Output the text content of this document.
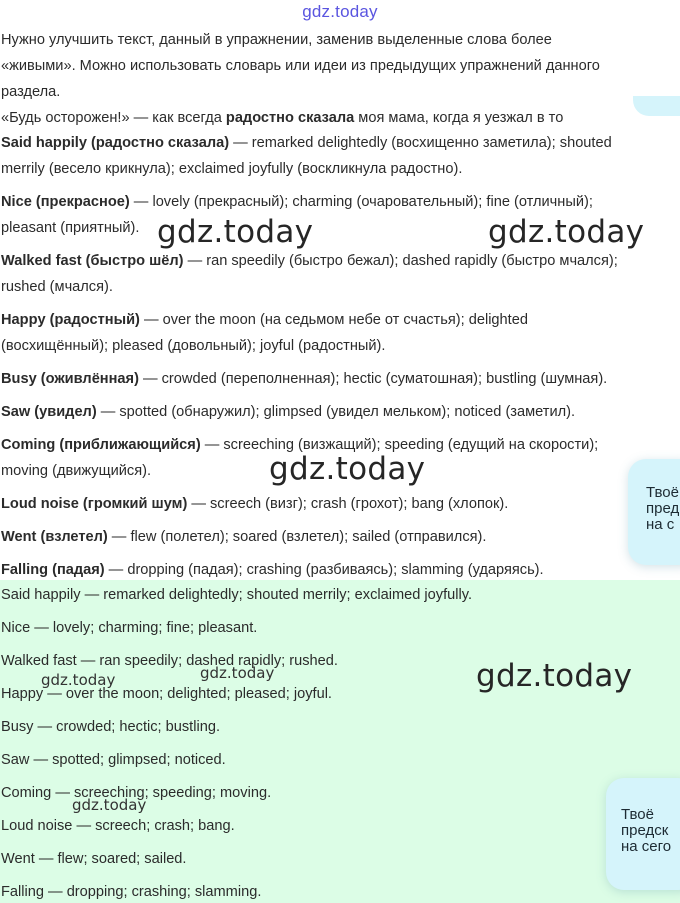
gdz.today
Нужно улучшить текст, данный в упражнении, заменив выделенные слова более
«живыми». Можно использовать словарь или идеи из предыдущих упражнений данного
раздела.
«Будь осторожен!» — как всегда радостно сказала моя мама, когда я уезжал в то
Said happily (радостно сказала) — remarked delightedly (восхищенно заметила); shouted
merrily (весело крикнула); exclaimed joyfully (воскликнула радостно).
Nice (прекрасное) — lovely (прекрасный); charming (очаровательный); fine (отличный);
pleasant (приятный).
Walked fast (быстро шёл) — ran speedily (быстро бежал); dashed rapidly (быстро мчался);
rushed (мчался).
Happy (радостный) — over the moon (на седьмом небе от счастья); delighted
(восхищённый); pleased (довольный); joyful (радостный).
Busy (оживлённая) — crowded (переполненная); hectic (суматошная); bustling (шумная).
Saw (увидел) — spotted (обнаружил); glimpsed (увидел мельком); noticed (заметил).
Coming (приближающийся) — screeching (визжащий); speeding (едущий на скорости);
moving (движущийся).
Loud noise (громкий шум) — screech (визг); crash (грохот); bang (хлопок).
Went (взлетел) — flew (полетел); soared (взлетел); sailed (отправился).
Falling (падая) — dropping (падая); crashing (разбиваясь); slamming (ударяясь).
Said happily — remarked delightedly; shouted merrily; exclaimed joyfully.
Nice — lovely; charming; fine; pleasant.
Walked fast — ran speedily; dashed rapidly; rushed.
Happy — over the moon; delighted; pleased; joyful.
Busy — crowded; hectic; bustling.
Saw — spotted; glimpsed; noticed.
Coming — screeching; speeding; moving.
Loud noise — screech; crash; bang.
Went — flew; soared; sailed.
Falling — dropping; crashing; slamming.
gdz.today	gdz.today
gdz.today
gdz.today
gdz.today	gdz.today
gdz.today
Твоё
пред
на с
Твоё
предск
на сего
